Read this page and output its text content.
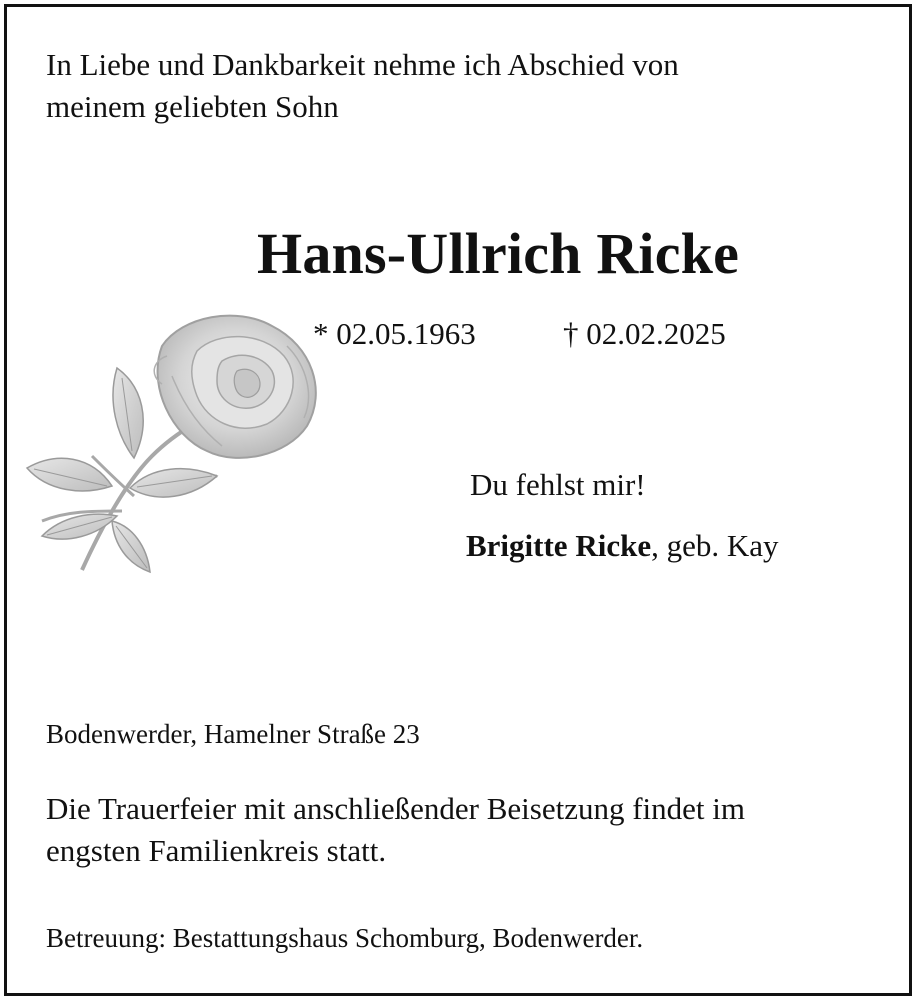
In Liebe und Dankbarkeit nehme ich Abschied von
meinem geliebten Sohn
Hans-Ullrich Ricke
* 02.05.1963	† 02.02.2025
Du fehlst mir!
Brigitte Ricke, geb. Kay
Bodenwerder, Hamelner Straße 23
Die Trauerfeier mit anschließender Beisetzung findet im
engsten Familienkreis statt.
Betreuung: Bestattungshaus Schomburg, Bodenwerder.
